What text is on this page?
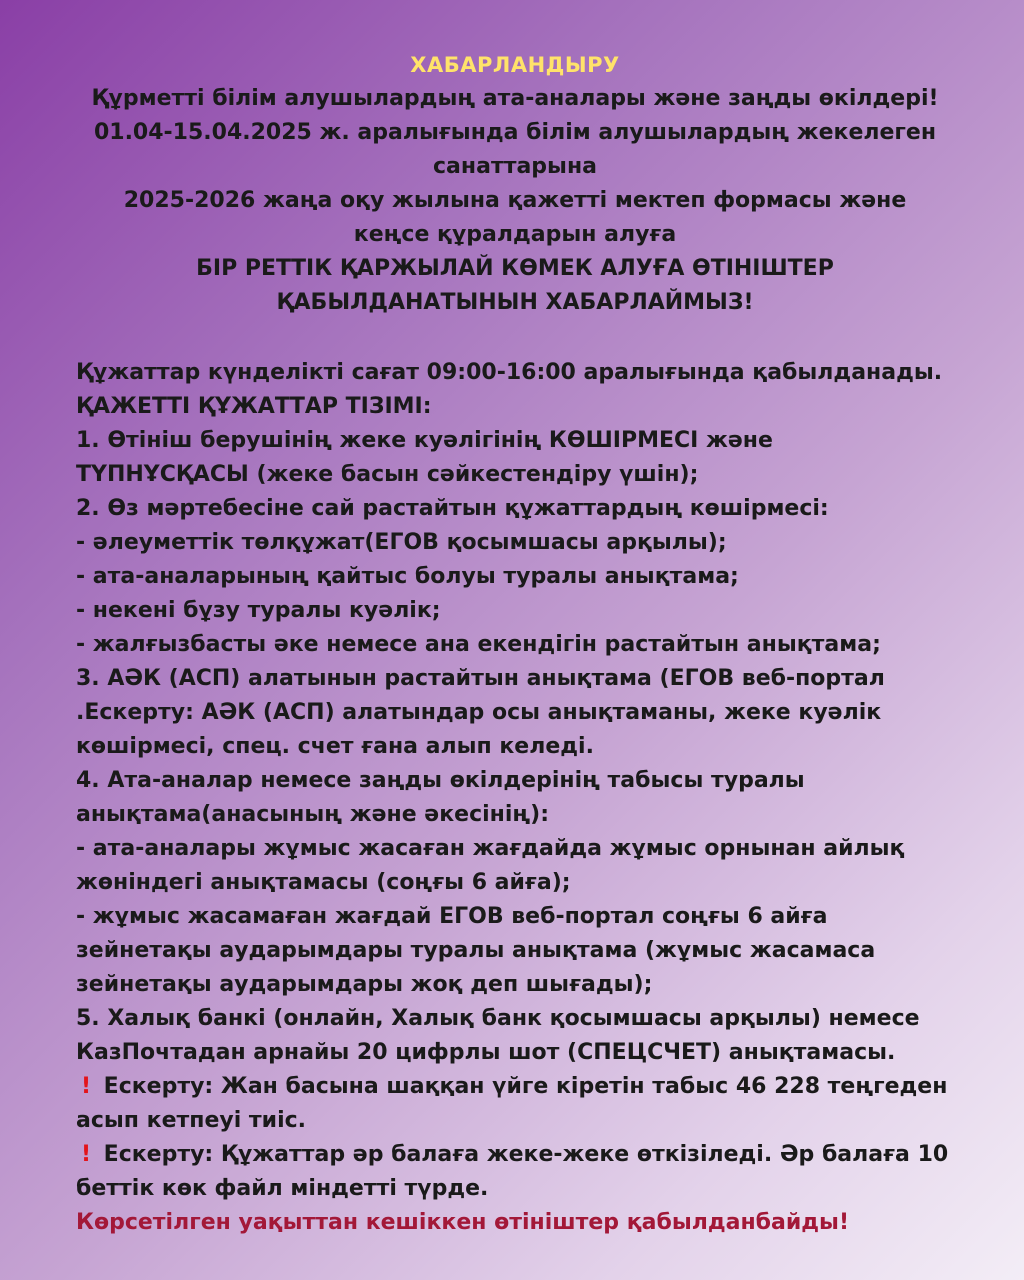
ХАБАРЛАНДЫРУ
Құрметті білім алушылардың ата-аналары және заңды өкілдері!
01.04-15.04.2025 ж. аралығында білім алушылардың жекелеген
санаттарына
2025-2026 жаңа оқу жылына қажетті мектеп формасы және
кеңсе құралдарын алуға
БІР РЕТТІК ҚАРЖЫЛАЙ КӨМЕК АЛУҒА ӨТІНІШТЕР
ҚАБЫЛДАНАТЫНЫН ХАБАРЛАЙМЫЗ!
Құжаттар күнделікті сағат 09:00-16:00 аралығында қабылданады.
ҚАЖЕТТІ ҚҰЖАТТАР ТІЗІМІ:
1. Өтініш берушінің жеке куәлігінің КӨШІРМЕСІ және
ТҮПНҰСҚАСЫ (жеке басын сәйкестендіру үшін);
2. Өз мәртебесіне сай растайтын құжаттардың көшірмесі:
- әлеуметтік төлқұжат(ЕГОВ қосымшасы арқылы);
- ата-аналарының қайтыс болуы туралы анықтама;
- некені бұзу туралы куәлік;
- жалғызбасты әке немесе ана екендігін растайтын анықтама;
3. АӘК (АСП) алатынын растайтын анықтама (ЕГОВ веб-портал
.Ескерту: АӘК (АСП) алатындар осы анықтаманы, жеке куәлік
көшірмесі, спец. счет ғана алып келеді.
4. Ата-аналар немесе заңды өкілдерінің табысы туралы
анықтама(анасының және әкесінің):
- ата-аналары жұмыс жасаған жағдайда жұмыс орнынан айлық
жөніндегі анықтамасы (соңғы 6 айға);
- жұмыс жасамаған жағдай ЕГОВ веб-портал соңғы 6 айға
зейнетақы аударымдары туралы анықтама (жұмыс жасамаса
зейнетақы аударымдары жоқ деп шығады);
5. Халық банкі (онлайн, Халық банк қосымшасы арқылы) немесе
КазПочтадан арнайы 20 цифрлы шот (СПЕЦСЧЕТ) анықтамасы.
! Ескерту: Жан басына шаққан үйге кіретін табыс 46 228 теңгеден
асып кетпеуі тиіс.
! Ескерту: Құжаттар әр балаға жеке-жеке өткізіледі. Әр балаға 10
беттік көк файл міндетті түрде.
Көрсетілген уақыттан кешіккен өтініштер қабылданбайды!
